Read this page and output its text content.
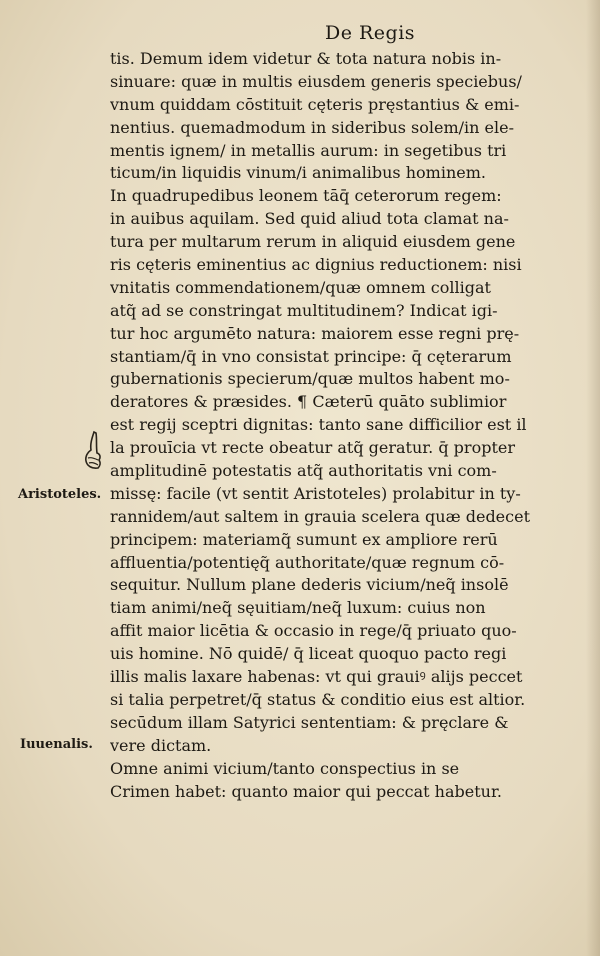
De Regis
Aristoteles.
Iuuenalis.
tis. Demum idem videtur & tota natura nobis in-
sinuare: quæ in multis eiusdem generis speciebus/
vnum quiddam cōstituit cęteris pręstantius & emi-
nentius. quemadmodum in sideribus solem/in ele-
mentis ignem/ in metallis aurum: in segetibus tri
ticum/in liquidis vinum/i animalibus hominem.
In quadrupedibus leonem tāq̄ ceterorum regem:
in auibus aquilam. Sed quid aliud tota clamat na-
tura per multarum rerum in aliquid eiusdem gene
ris cęteris eminentius ac dignius reductionem: nisi
vnitatis commendationem/quæ omnem colligat
atq̃ ad se constringat multitudinem? Indicat igi-
tur hoc argumēto natura: maiorem esse regni prę-
stantiam/q̄ in vno consistat principe: q̄ cęterarum
gubernationis specierum/quæ multos habent mo-
deratores & præsides. ¶ Cæterū quāto sublimior
est regij sceptri dignitas: tanto sane difficilior est il
la prouīcia vt recte obeatur atq̃ geratur. q̄ propter
amplitudinē potestatis atq̃ authoritatis vni com-
missę: facile (vt sentit Aristoteles) prolabitur in ty-
rannidem/aut saltem in grauia scelera quæ dedecet
principem: materiamq̃ sumunt ex ampliore rerū
affluentia/potentięq̃ authoritate/quæ regnum cō-
sequitur. Nullum plane dederis vicium/neq̃ insolē
tiam animi/neq̃ sęuitiam/neq̃ luxum: cuius non
affit maior licētia & occasio in rege/q̄ priuato quo-
uis homine. Nō quidē/ q̄ liceat quoquo pacto regi
illis malis laxare habenas: vt qui grauiꝰ alijs peccet
si talia perpetret/q̄ status & conditio eius est altior.
secūdum illam Satyrici sententiam: & pręclare &
vere dictam.
Omne animi vicium/tanto conspectius in se
Crimen habet: quanto maior qui peccat habetur.
